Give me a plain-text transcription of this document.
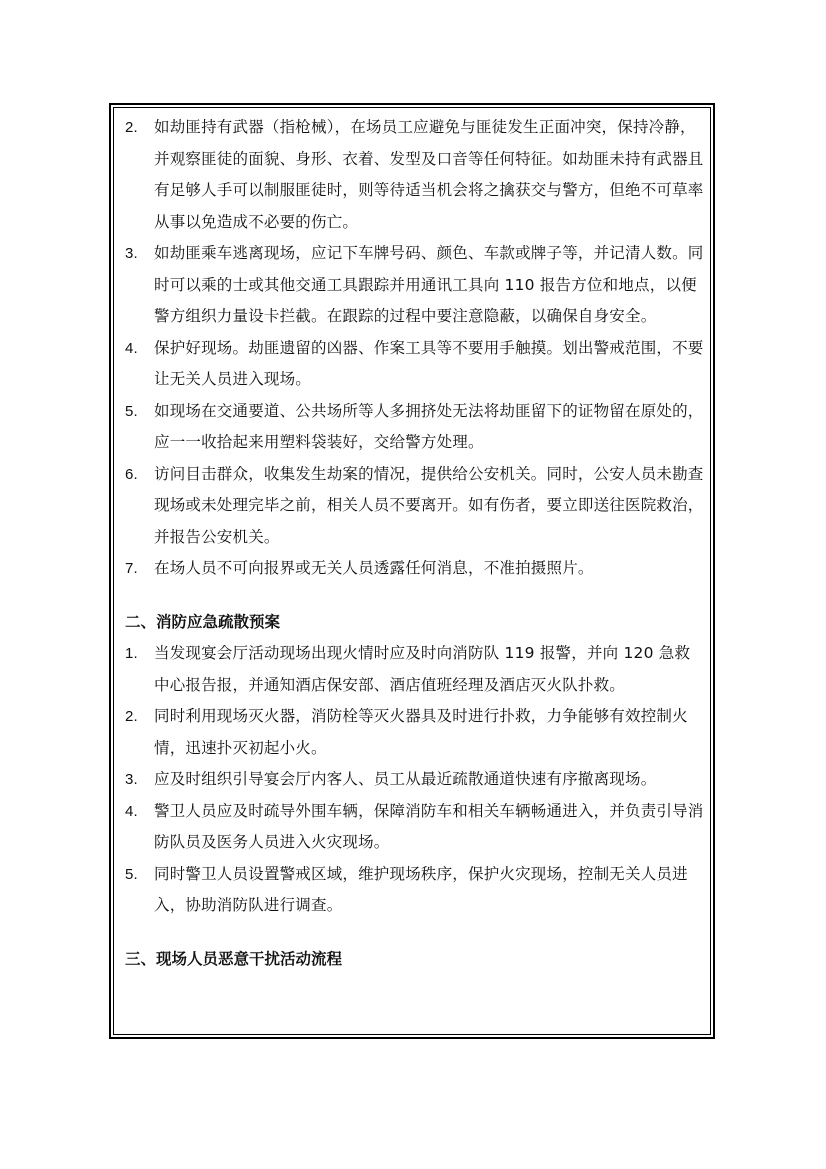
2. 如劫匪持有武器（指枪械），在场员工应避免与匪徒发生正面冲突，保持冷静，并观察匪徒的面貌、身形、衣着、发型及口音等任何特征。如劫匪未持有武器且有足够人手可以制服匪徒时，则等待适当机会将之擒获交与警方，但绝不可草率从事以免造成不必要的伤亡。
3. 如劫匪乘车逃离现场，应记下车牌号码、颜色、车款或牌子等，并记清人数。同时可以乘的士或其他交通工具跟踪并用通讯工具向 110 报告方位和地点，以便警方组织力量设卡拦截。在跟踪的过程中要注意隐蔽，以确保自身安全。
4. 保护好现场。劫匪遗留的凶器、作案工具等不要用手触摸。划出警戒范围，不要让无关人员进入现场。
5. 如现场在交通要道、公共场所等人多拥挤处无法将劫匪留下的证物留在原处的，应一一收拾起来用塑料袋装好，交给警方处理。
6. 访问目击群众，收集发生劫案的情况，提供给公安机关。同时，公安人员未勘查现场或未处理完毕之前，相关人员不要离开。如有伤者，要立即送往医院救治，并报告公安机关。
7. 在场人员不可向报界或无关人员透露任何消息，不准拍摄照片。
二、消防应急疏散预案
1. 当发现宴会厅活动现场出现火情时应及时向消防队 119 报警，并向 120 急救 中心报告报，并通知酒店保安部、酒店值班经理及酒店灭火队扑救。
2. 同时利用现场灭火器，消防栓等灭火器具及时进行扑救，力争能够有效控制火情，迅速扑灭初起小火。
3. 应及时组织引导宴会厅内客人、员工从最近疏散通道快速有序撤离现场。
4. 警卫人员应及时疏导外围车辆，保障消防车和相关车辆畅通进入，并负责引导消防队员及医务人员进入火灾现场。
5. 同时警卫人员设置警戒区域，维护现场秩序，保护火灾现场，控制无关人员进入，协助消防队进行调查。
三、现场人员恶意干扰活动流程
